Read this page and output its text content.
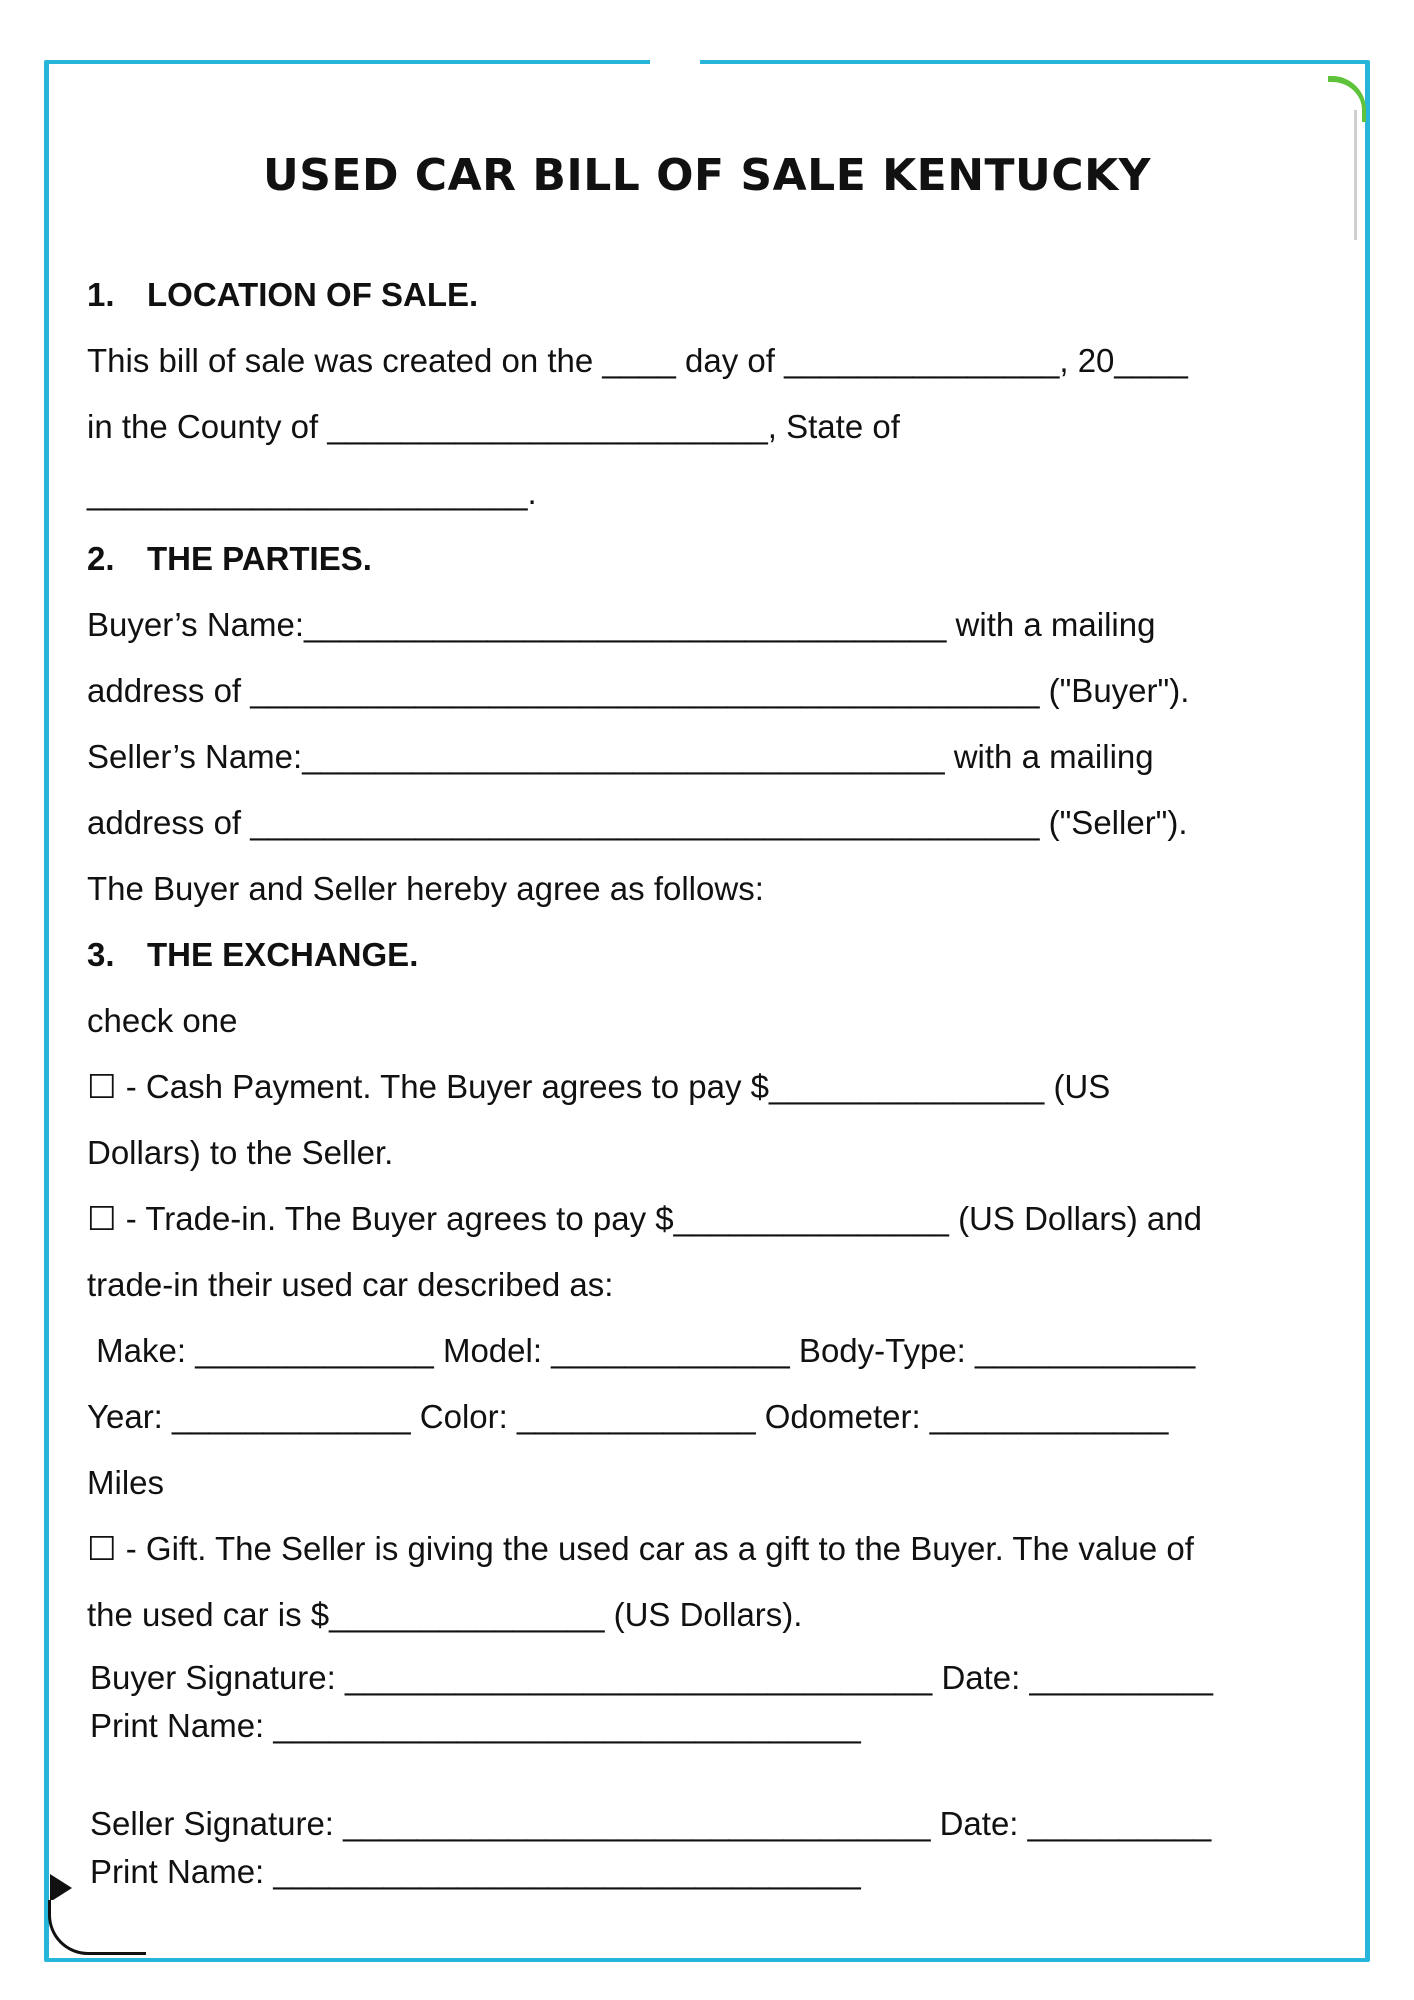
USED CAR BILL OF SALE KENTUCKY
1. LOCATION OF SALE.
This bill of sale was created on the ____ day of _______________, 20____
in the County of ________________________, State of
________________________.
2. THE PARTIES.
Buyer’s Name:___________________________________ with a mailing
address of ___________________________________________ ("Buyer").
Seller’s Name:___________________________________ with a mailing
address of ___________________________________________ ("Seller").
The Buyer and Seller hereby agree as follows:
3. THE EXCHANGE.
check one
☐ - Cash Payment. The Buyer agrees to pay $_______________ (US
Dollars) to the Seller.
☐ - Trade-in. The Buyer agrees to pay $_______________ (US Dollars) and
trade-in their used car described as:
Make: _____________ Model: _____________ Body-Type: ____________
Year: _____________ Color: _____________ Odometer: _____________
Miles
☐ - Gift. The Seller is giving the used car as a gift to the Buyer. The value of
the used car is $_______________ (US Dollars).
Buyer Signature: ________________________________ Date: __________
Print Name: ________________________________
Seller Signature: ________________________________ Date: __________
Print Name: ________________________________
